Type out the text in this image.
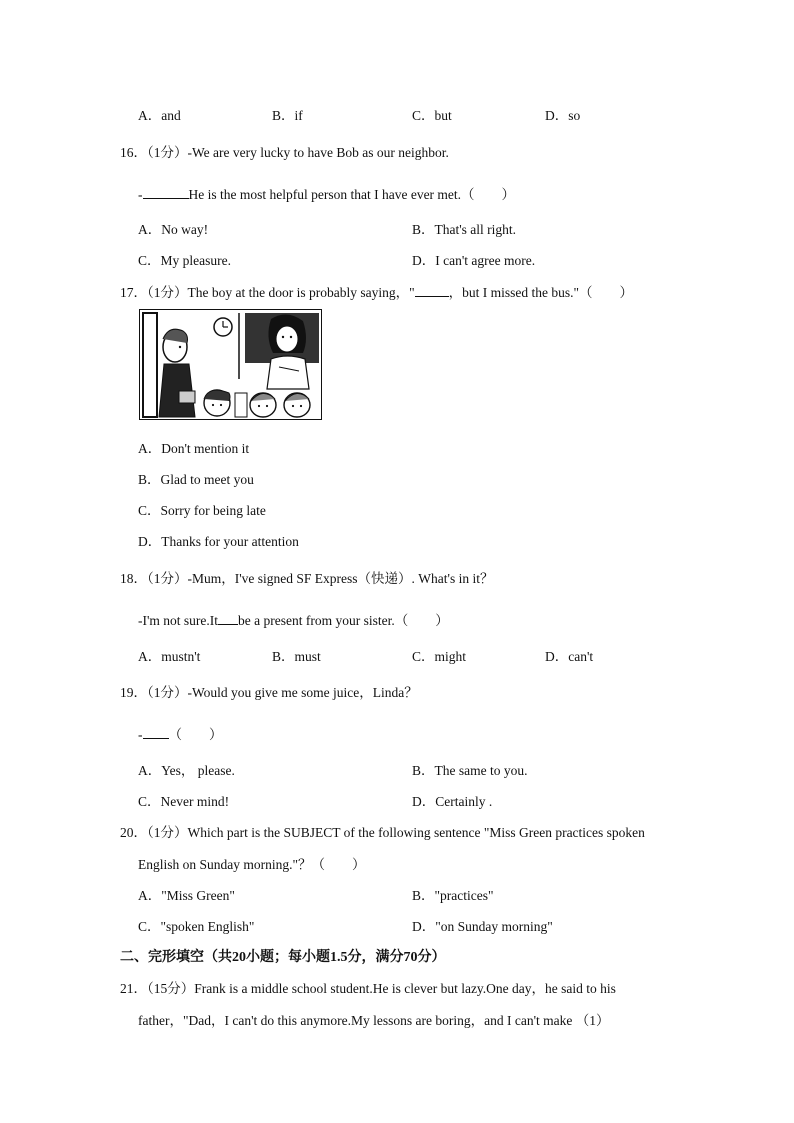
A．and	B．if	C．but	D．so
16．（1分）-We are very lucky to have Bob as our neighbor.
-	He is the most helpful person that I have ever met.（　　）
A．No way!	B．That's all right.
C．My pleasure.	D．I can't agree more.
17．（1分）The boy at the door is probably saying，"	，but I missed the bus."（　　）
A．Don't mention it
B．Glad to meet you
C．Sorry for being late
D．Thanks for your attention
18．（1分）-Mum，I've signed SF Express（快递）. What's in it？
-I'm not sure.It be a present from your sister.（　　）
A．mustn't	B．must	C．might	D．can't
19．（1分）-Would you give me some juice，Linda？
- （　　）
A．Yes， please.	B．The same to you.
C．Never mind!	D．Certainly .
20．（1分）Which part is the SUBJECT of the following sentence "Miss Green practices spoken
English on Sunday morning."？（　　）
A．"Miss Green"	B．"practices"
C．"spoken English"	D．"on Sunday morning"
二、完形填空（共20小题；每小题1.5分，满分70分）
21．（15分）Frank is a middle school student.He is clever but lazy.One day，he said to his
father，"Dad，I can't do this anymore.My lessons are boring，and I can't make （1）
